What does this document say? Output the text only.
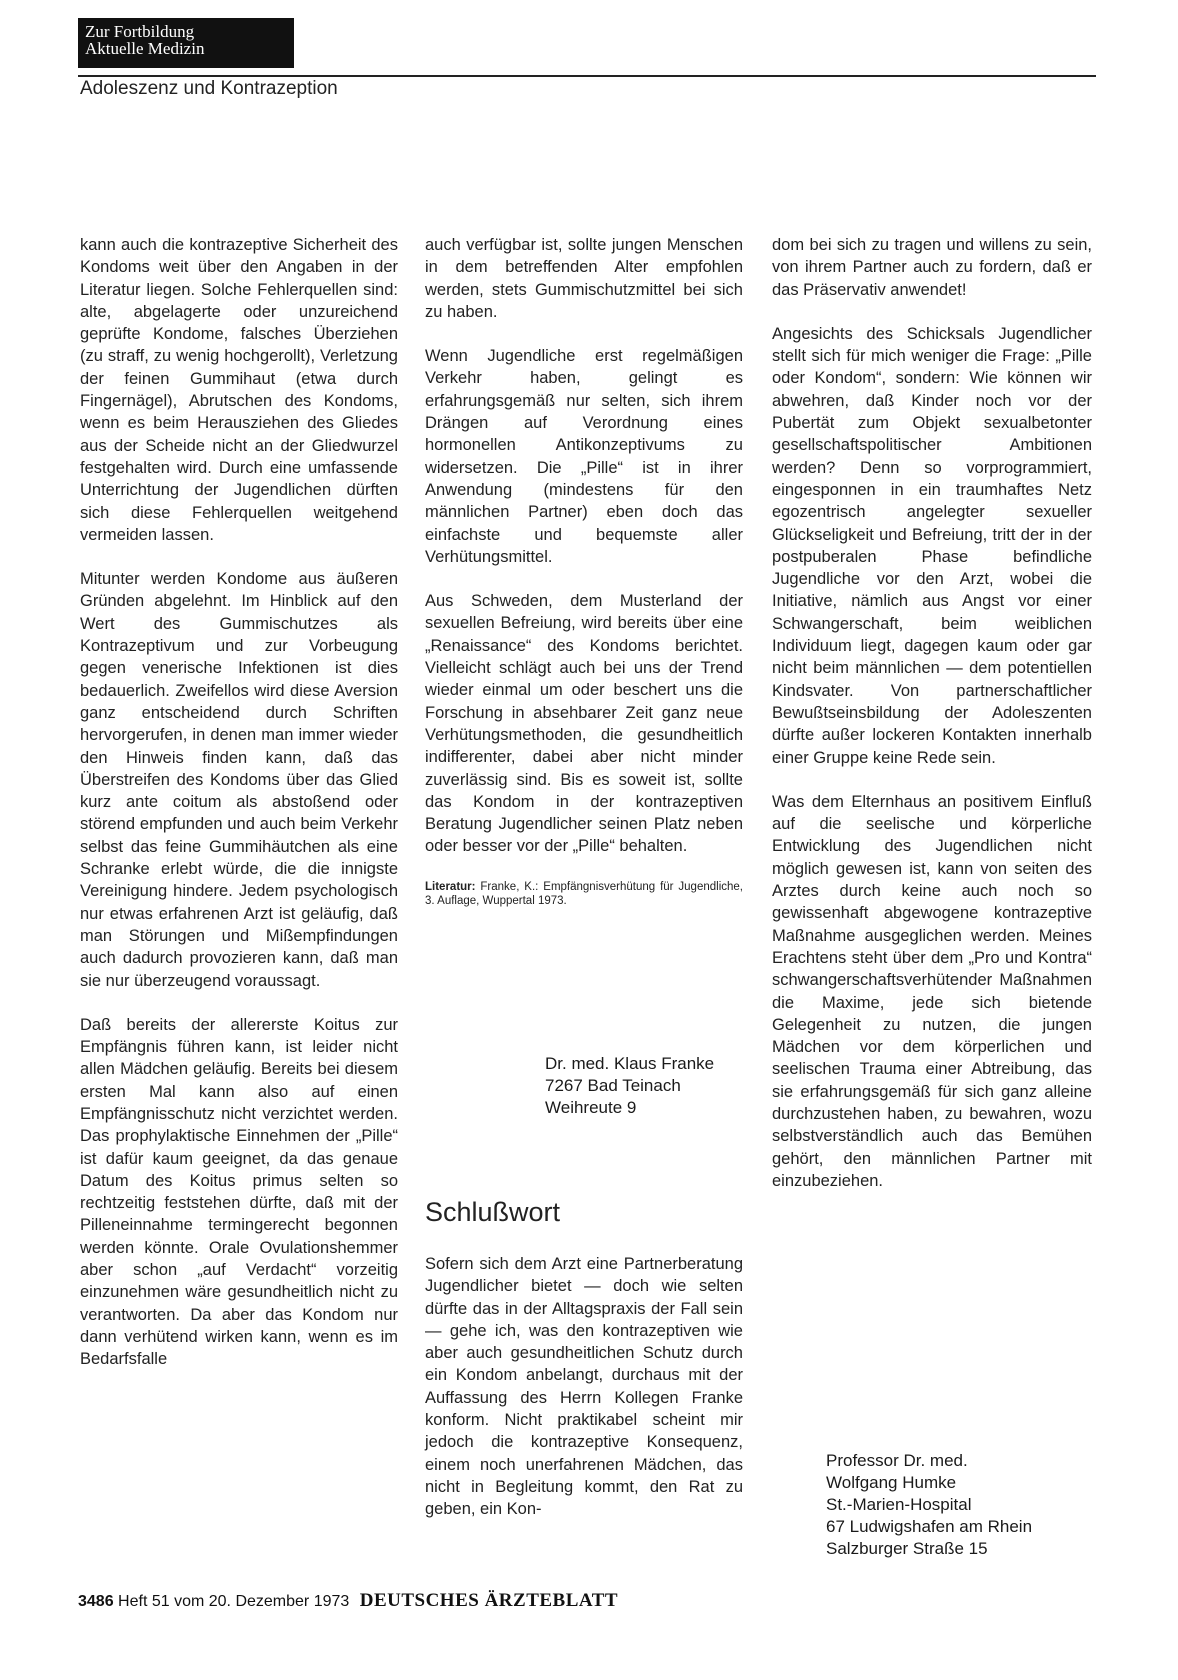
Zur Fortbildung
Aktuelle Medizin
Adoleszenz und Kontrazeption

kann auch die kontrazeptive Sicherheit des Kondoms weit über den Angaben in der Literatur liegen. Solche Fehlerquellen sind: alte, abgelagerte oder unzureichend geprüfte Kondome, falsches Überziehen (zu straff, zu wenig hochgerollt), Verletzung der feinen Gummihaut (etwa durch Fingernägel), Abrutschen des Kondoms, wenn es beim Herausziehen des Gliedes aus der Scheide nicht an der Gliedwurzel festgehalten wird. Durch eine umfassende Unterrichtung der Jugendlichen dürften sich diese Fehlerquellen weitgehend vermeiden lassen.

Mitunter werden Kondome aus äußeren Gründen abgelehnt. Im Hinblick auf den Wert des Gummischutzes als Kontrazeptivum und zur Vorbeugung gegen venerische Infektionen ist dies bedauerlich. Zweifellos wird diese Aversion ganz entscheidend durch Schriften hervorgerufen, in denen man immer wieder den Hinweis finden kann, daß das Überstreifen des Kondoms über das Glied kurz ante coitum als abstoßend oder störend empfunden und auch beim Verkehr selbst das feine Gummihäutchen als eine Schranke erlebt würde, die die innigste Vereinigung hindere. Jedem psychologisch nur etwas erfahrenen Arzt ist geläufig, daß man Störungen und Mißempfindungen auch dadurch provozieren kann, daß man sie nur überzeugend voraussagt.

Daß bereits der allererste Koitus zur Empfängnis führen kann, ist leider nicht allen Mädchen geläufig. Bereits bei diesem ersten Mal kann also auf einen Empfängnisschutz nicht verzichtet werden. Das prophylaktische Einnehmen der „Pille“ ist dafür kaum geeignet, da das genaue Datum des Koitus primus selten so rechtzeitig feststehen dürfte, daß mit der Pilleneinnahme termingerecht begonnen werden könnte. Orale Ovulationshemmer aber schon „auf Verdacht“ vorzeitig einzunehmen wäre gesundheitlich nicht zu verantworten. Da aber das Kondom nur dann verhütend wirken kann, wenn es im Bedarfsfalle

auch verfügbar ist, sollte jungen Menschen in dem betreffenden Alter empfohlen werden, stets Gummischutzmittel bei sich zu haben.

Wenn Jugendliche erst regelmäßigen Verkehr haben, gelingt es erfahrungsgemäß nur selten, sich ihrem Drängen auf Verordnung eines hormonellen Antikonzeptivums zu widersetzen. Die „Pille“ ist in ihrer Anwendung (mindestens für den männlichen Partner) eben doch das einfachste und bequemste aller Verhütungsmittel.

Aus Schweden, dem Musterland der sexuellen Befreiung, wird bereits über eine „Renaissance“ des Kondoms berichtet. Vielleicht schlägt auch bei uns der Trend wieder einmal um oder beschert uns die Forschung in absehbarer Zeit ganz neue Verhütungsmethoden, die gesundheitlich indifferenter, dabei aber nicht minder zuverlässig sind. Bis es soweit ist, sollte das Kondom in der kontrazeptiven Beratung Jugendlicher seinen Platz neben oder besser vor der „Pille“ behalten.

Literatur: Franke, K.: Empfängnisverhütung für Jugendliche, 3. Auflage, Wuppertal 1973.

Dr. med. Klaus Franke
7267 Bad Teinach
Weihreute 9
Schlußwort

Sofern sich dem Arzt eine Partnerberatung Jugendlicher bietet — doch wie selten dürfte das in der Alltagspraxis der Fall sein — gehe ich, was den kontrazeptiven wie aber auch gesundheitlichen Schutz durch ein Kondom anbelangt, durchaus mit der Auffassung des Herrn Kollegen Franke konform. Nicht praktikabel scheint mir jedoch die kontrazeptive Konsequenz, einem noch unerfahrenen Mädchen, das nicht in Begleitung kommt, den Rat zu geben, ein Kon-

dom bei sich zu tragen und willens zu sein, von ihrem Partner auch zu fordern, daß er das Präservativ anwendet!

Angesichts des Schicksals Jugendlicher stellt sich für mich weniger die Frage: „Pille oder Kondom“, sondern: Wie können wir abwehren, daß Kinder noch vor der Pubertät zum Objekt sexualbetonter gesellschaftspolitischer Ambitionen werden? Denn so vorprogrammiert, eingesponnen in ein traumhaftes Netz egozentrisch angelegter sexueller Glückseligkeit und Befreiung, tritt der in der postpuberalen Phase befindliche Jugendliche vor den Arzt, wobei die Initiative, nämlich aus Angst vor einer Schwangerschaft, beim weiblichen Individuum liegt, dagegen kaum oder gar nicht beim männlichen — dem potentiellen Kindsvater. Von partnerschaftlicher Bewußtseinsbildung der Adoleszenten dürfte außer lockeren Kontakten innerhalb einer Gruppe keine Rede sein.

Was dem Elternhaus an positivem Einfluß auf die seelische und körperliche Entwicklung des Jugendlichen nicht möglich gewesen ist, kann von seiten des Arztes durch keine auch noch so gewissenhaft abgewogene kontrazeptive Maßnahme ausgeglichen werden. Meines Erachtens steht über dem „Pro und Kontra“ schwangerschaftsverhütender Maßnahmen die Maxime, jede sich bietende Gelegenheit zu nutzen, die jungen Mädchen vor dem körperlichen und seelischen Trauma einer Abtreibung, das sie erfahrungsgemäß für sich ganz alleine durchzustehen haben, zu bewahren, wozu selbstverständlich auch das Bemühen gehört, den männlichen Partner mit einzubeziehen.

Professor Dr. med.
Wolfgang Humke
St.-Marien-Hospital
67 Ludwigshafen am Rhein
Salzburger Straße 15
3486 Heft 51 vom 20. Dezember 1973 DEUTSCHES ÄRZTEBLATT
